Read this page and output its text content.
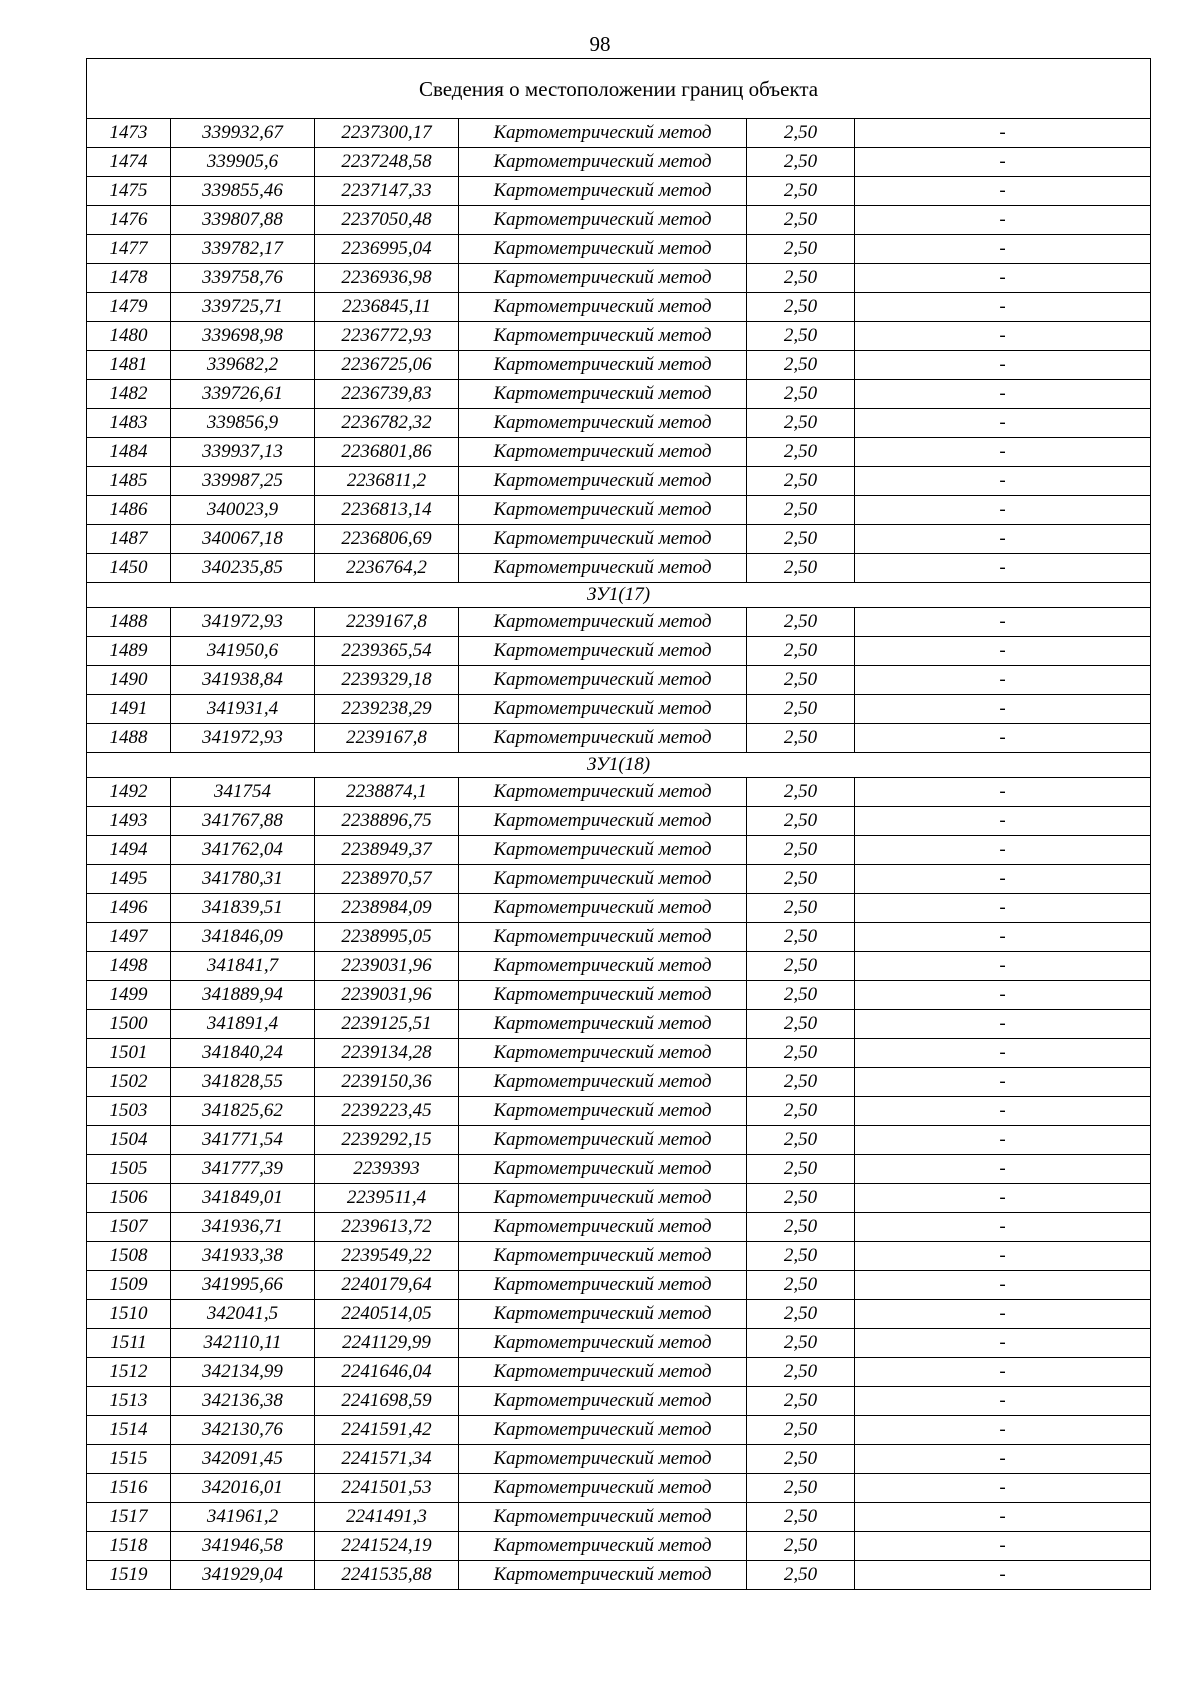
98
Сведения о местоположении границ объекта					
1473	339932,67	2237300,17	Картометрический метод	2,50	-
1474	339905,6	2237248,58	Картометрический метод	2,50	-
1475	339855,46	2237147,33	Картометрический метод	2,50	-
1476	339807,88	2237050,48	Картометрический метод	2,50	-
1477	339782,17	2236995,04	Картометрический метод	2,50	-
1478	339758,76	2236936,98	Картометрический метод	2,50	-
1479	339725,71	2236845,11	Картометрический метод	2,50	-
1480	339698,98	2236772,93	Картометрический метод	2,50	-
1481	339682,2	2236725,06	Картометрический метод	2,50	-
1482	339726,61	2236739,83	Картометрический метод	2,50	-
1483	339856,9	2236782,32	Картометрический метод	2,50	-
1484	339937,13	2236801,86	Картометрический метод	2,50	-
1485	339987,25	2236811,2	Картометрический метод	2,50	-
1486	340023,9	2236813,14	Картометрический метод	2,50	-
1487	340067,18	2236806,69	Картометрический метод	2,50	-
1450	340235,85	2236764,2	Картометрический метод	2,50	-
ЗУ1(17)					
1488	341972,93	2239167,8	Картометрический метод	2,50	-
1489	341950,6	2239365,54	Картометрический метод	2,50	-
1490	341938,84	2239329,18	Картометрический метод	2,50	-
1491	341931,4	2239238,29	Картометрический метод	2,50	-
1488	341972,93	2239167,8	Картометрический метод	2,50	-
ЗУ1(18)					
1492	341754	2238874,1	Картометрический метод	2,50	-
1493	341767,88	2238896,75	Картометрический метод	2,50	-
1494	341762,04	2238949,37	Картометрический метод	2,50	-
1495	341780,31	2238970,57	Картометрический метод	2,50	-
1496	341839,51	2238984,09	Картометрический метод	2,50	-
1497	341846,09	2238995,05	Картометрический метод	2,50	-
1498	341841,7	2239031,96	Картометрический метод	2,50	-
1499	341889,94	2239031,96	Картометрический метод	2,50	-
1500	341891,4	2239125,51	Картометрический метод	2,50	-
1501	341840,24	2239134,28	Картометрический метод	2,50	-
1502	341828,55	2239150,36	Картометрический метод	2,50	-
1503	341825,62	2239223,45	Картометрический метод	2,50	-
1504	341771,54	2239292,15	Картометрический метод	2,50	-
1505	341777,39	2239393	Картометрический метод	2,50	-
1506	341849,01	2239511,4	Картометрический метод	2,50	-
1507	341936,71	2239613,72	Картометрический метод	2,50	-
1508	341933,38	2239549,22	Картометрический метод	2,50	-
1509	341995,66	2240179,64	Картометрический метод	2,50	-
1510	342041,5	2240514,05	Картометрический метод	2,50	-
1511	342110,11	2241129,99	Картометрический метод	2,50	-
1512	342134,99	2241646,04	Картометрический метод	2,50	-
1513	342136,38	2241698,59	Картометрический метод	2,50	-
1514	342130,76	2241591,42	Картометрический метод	2,50	-
1515	342091,45	2241571,34	Картометрический метод	2,50	-
1516	342016,01	2241501,53	Картометрический метод	2,50	-
1517	341961,2	2241491,3	Картометрический метод	2,50	-
1518	341946,58	2241524,19	Картометрический метод	2,50	-
1519	341929,04	2241535,88	Картометрический метод	2,50	-
